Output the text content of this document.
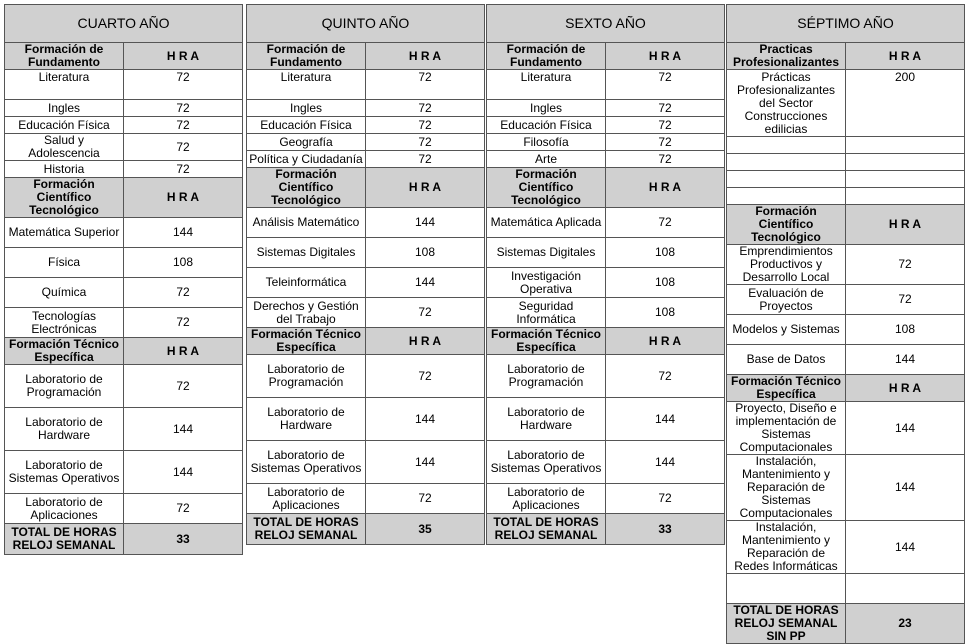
CUARTO AÑO	
Formación de Fundamento	H R A
Literatura	72
Ingles	72
Educación Física	72
Salud y Adolescencia	72
Historia	72
Formación Científico Tecnológico	H R A
Matemática Superior	144
Física	108
Química	72
Tecnologías Electrónicas	72
Formación Técnico Específica	H R A
Laboratorio de Programación	72
Laboratorio de Hardware	144
Laboratorio de Sistemas Operativos	144
Laboratorio de Aplicaciones	72
TOTAL DE HORAS RELOJ SEMANAL	33
QUINTO AÑO	
Formación de Fundamento	H R A
Literatura	72
Ingles	72
Educación Física	72
Geografía	72
Política y Ciudadanía	72
Formación Científico Tecnológico	H R A
Análisis Matemático	144
Sistemas Digitales	108
Teleinformática	144
Derechos y Gestión del Trabajo	72
Formación Técnico Específica	H R A
Laboratorio de Programación	72
Laboratorio de Hardware	144
Laboratorio de Sistemas Operativos	144
Laboratorio de Aplicaciones	72
TOTAL DE HORAS RELOJ SEMANAL	35
SEXTO AÑO	
Formación de Fundamento	H R A
Literatura	72
Ingles	72
Educación Física	72
Filosofía	72
Arte	72
Formación Científico Tecnológico	H R A
Matemática Aplicada	72
Sistemas Digitales	108
Investigación Operativa	108
Seguridad Informática	108
Formación Técnico Específica	H R A
Laboratorio de Programación	72
Laboratorio de Hardware	144
Laboratorio de Sistemas Operativos	144
Laboratorio de Aplicaciones	72
TOTAL DE HORAS RELOJ SEMANAL	33
SÉPTIMO AÑO	
Practicas Profesionalizantes	H R A
Prácticas Profesionalizantes del Sector Construcciones edilicias	200

Formación Científico Tecnológico	H R A
Emprendimientos Productivos y Desarrollo Local	72
Evaluación de Proyectos	72
Modelos y Sistemas	108
Base de Datos	144
Formación Técnico Específica	H R A
Proyecto, Diseño e implementación de Sistemas Computacionales	144
Instalación, Mantenimiento y Reparación de Sistemas Computacionales	144
Instalación, Mantenimiento y Reparación de Redes Informáticas	144

TOTAL DE HORAS RELOJ SEMANAL SIN PP	23
